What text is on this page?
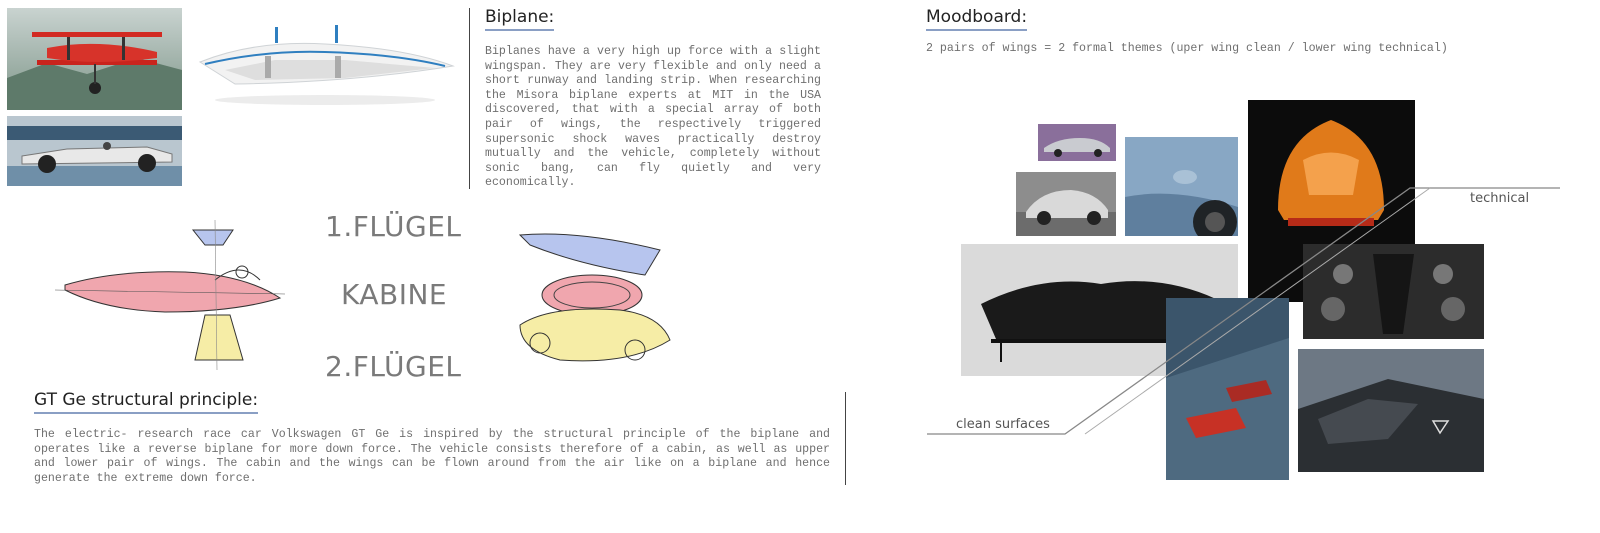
Biplane:
Biplanes have a very high up force with a slight wingspan. They are very flexible and only need a short runway and landing strip. When researching the Misora biplane experts at MIT in the USA discovered, that with a special array of both pair of wings, the respectively triggered supersonic shock waves practically destroy mutually and the vehicle, completely without sonic bang, can fly quietly and very economically.
1.FLÜGEL
KABINE
2.FLÜGEL
GT Ge structural principle:
The electric- research race car Volkswagen GT Ge is inspired by the structural principle of the biplane and operates like a reverse biplane for more down force. The vehicle consists therefore of a cabin, as well as upper and lower pair of wings. The cabin and the wings can be flown around from the air like on a biplane and hence generate the extreme down force.
Moodboard:
2 pairs of wings = 2 formal themes (uper wing clean / lower wing technical)
technical
clean surfaces
